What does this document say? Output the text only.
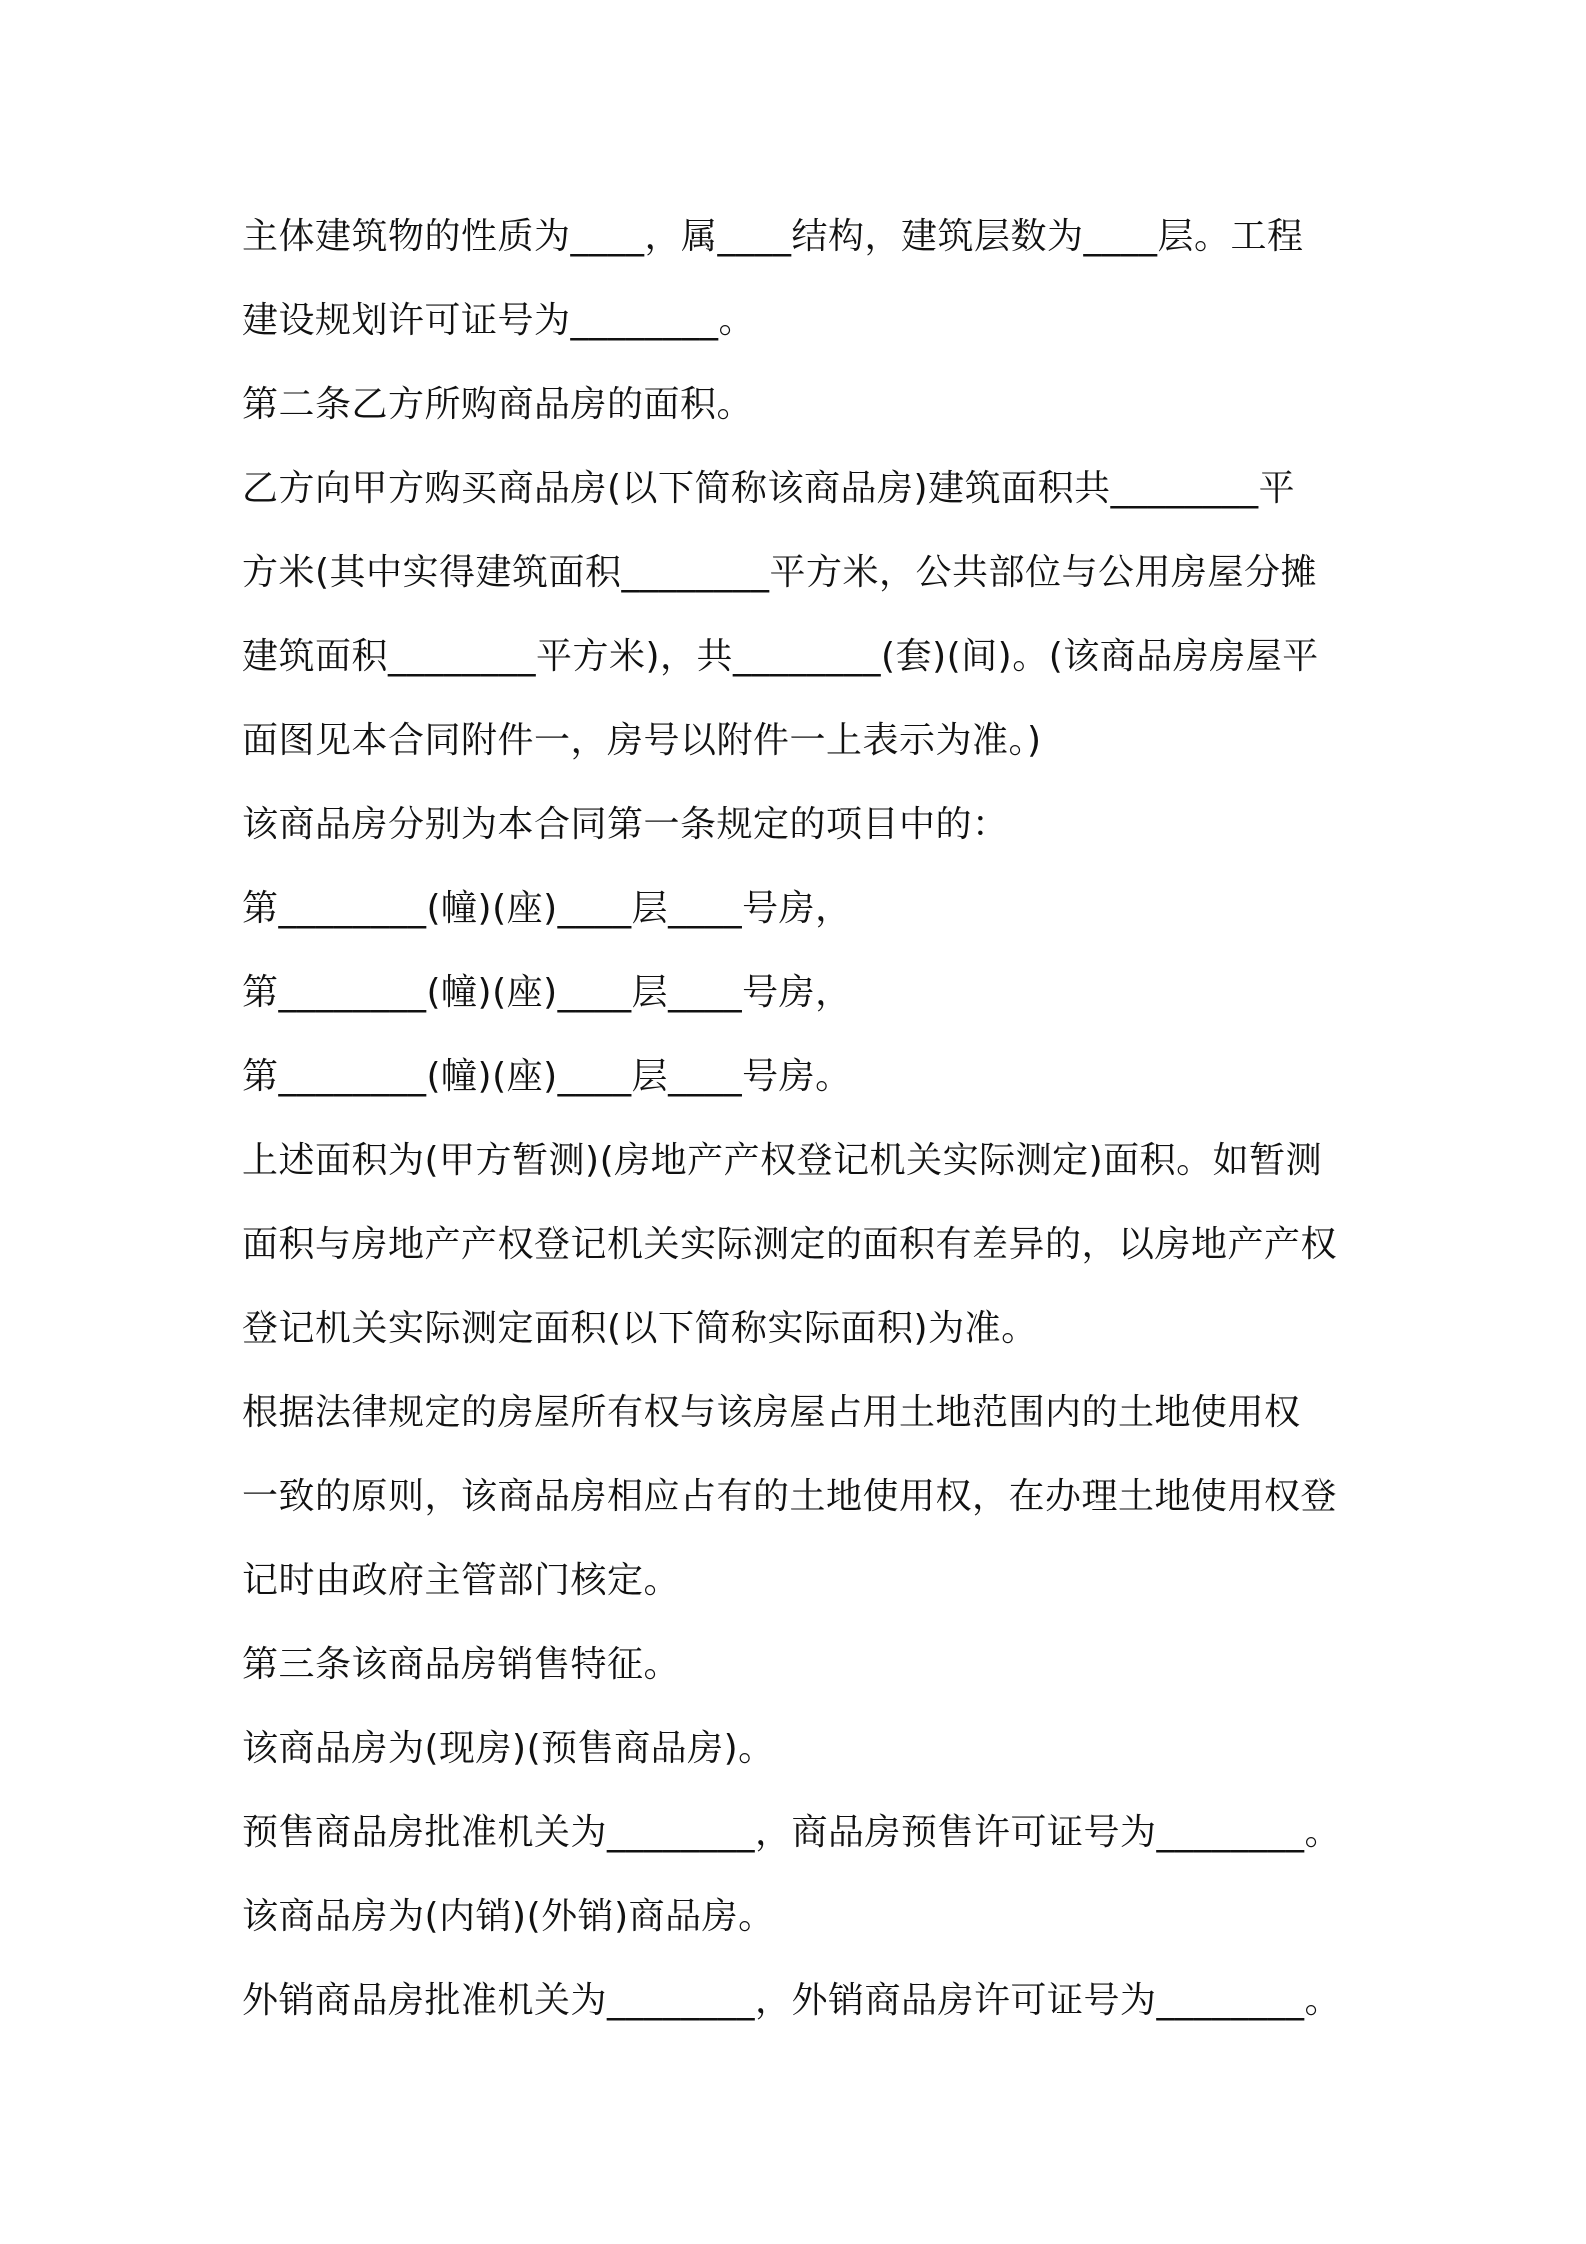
主体建筑物的性质为____，属____结构，建筑层数为____层。工程
建设规划许可证号为________。
第二条乙方所购商品房的面积。
乙方向甲方购买商品房(以下简称该商品房)建筑面积共________平
方米(其中实得建筑面积________平方米，公共部位与公用房屋分摊
建筑面积________平方米)，共________(套)(间)。(该商品房房屋平
面图见本合同附件一，房号以附件一上表示为准。)
该商品房分别为本合同第一条规定的项目中的：
第________(幢)(座)____层____号房，
第________(幢)(座)____层____号房，
第________(幢)(座)____层____号房。
上述面积为(甲方暂测)(房地产产权登记机关实际测定)面积。如暂测
面积与房地产产权登记机关实际测定的面积有差异的，以房地产产权
登记机关实际测定面积(以下简称实际面积)为准。
根据法律规定的房屋所有权与该房屋占用土地范围内的土地使用权
一致的原则，该商品房相应占有的土地使用权，在办理土地使用权登
记时由政府主管部门核定。
第三条该商品房销售特征。
该商品房为(现房)(预售商品房)。
预售商品房批准机关为________，商品房预售许可证号为________。
该商品房为(内销)(外销)商品房。
外销商品房批准机关为________，外销商品房许可证号为________。
